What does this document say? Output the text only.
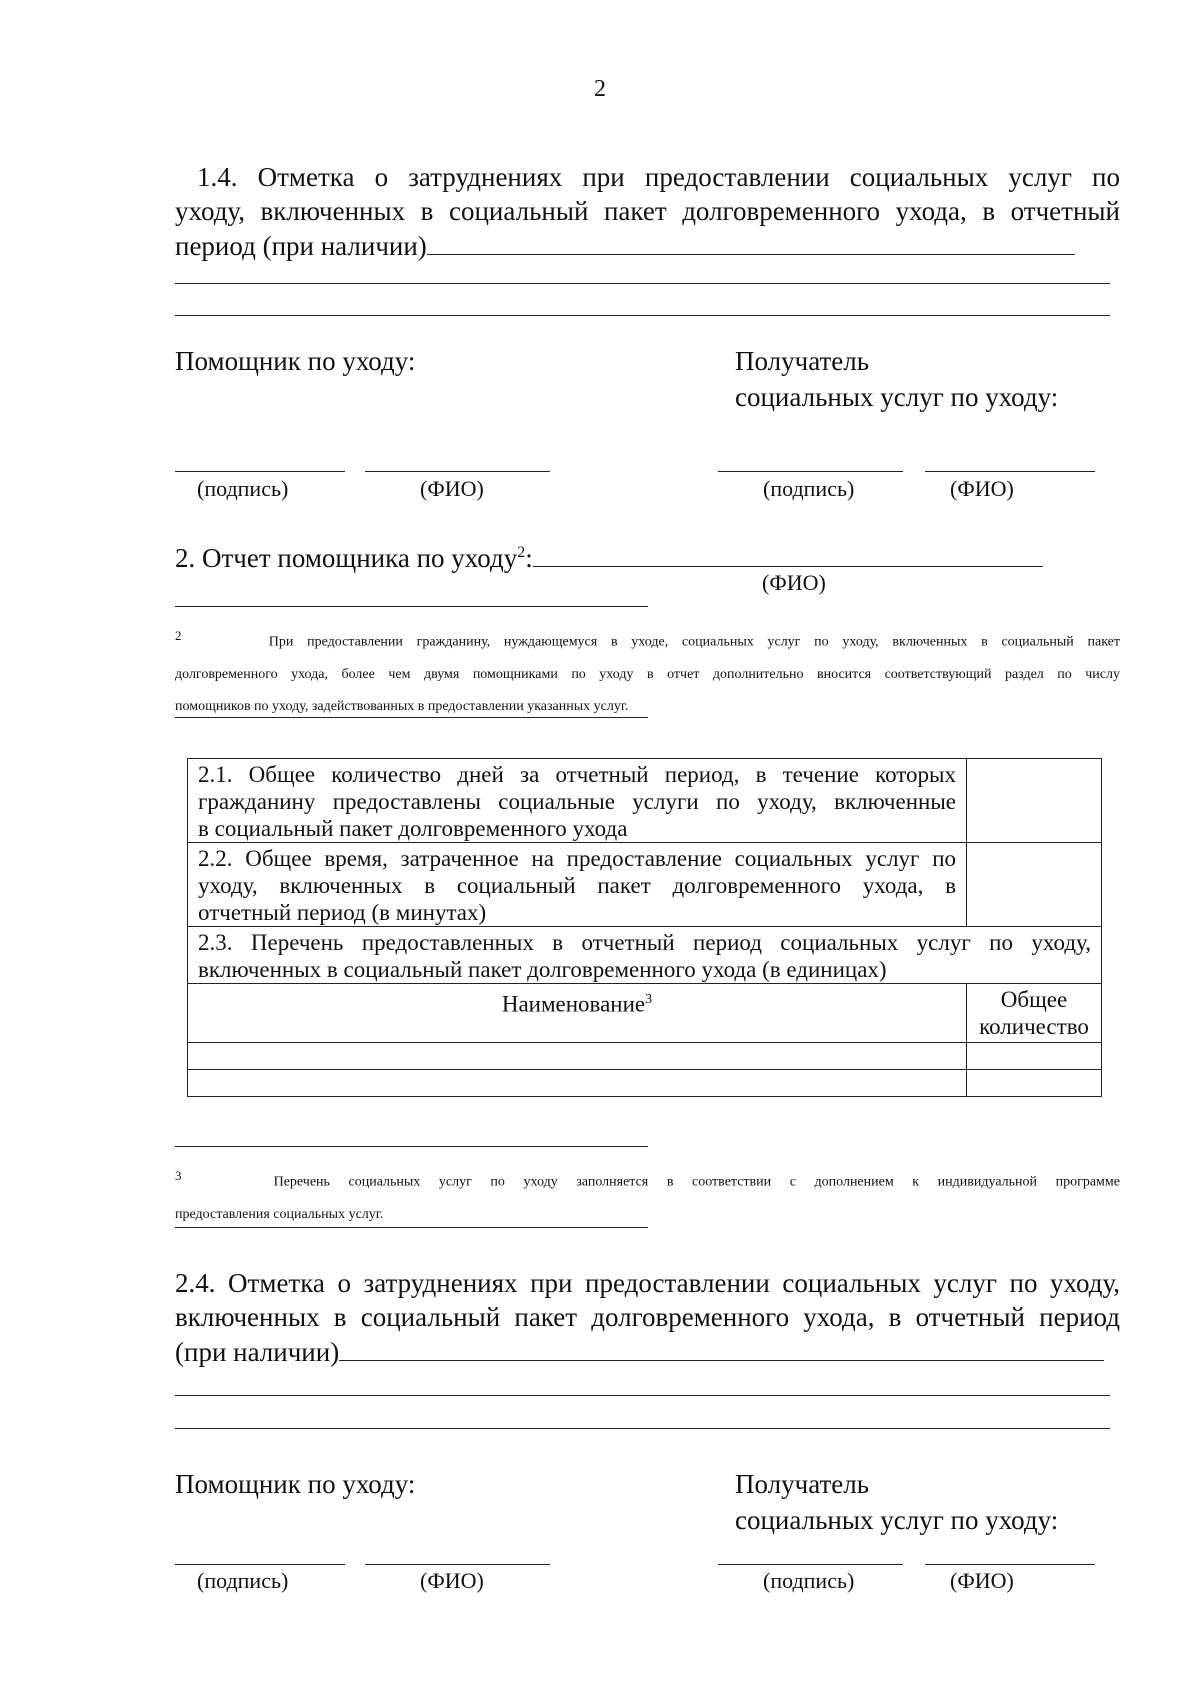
2
1.4. Отметка о затруднениях при предоставлении социальных услуг по
уходу, включенных в социальный пакет долговременного ухода, в отчетный
период (при наличии)
Помощник по уходу:	Получатель
социальных услуг по уходу:
(подпись)	(ФИО)	(подпись)	(ФИО)
2. Отчет помощника по уходу$^2$:
(ФИО)
$^2$	При предоставлении гражданину, нуждающемуся в уходе, социальных услуг по уходу, включенных в социальный пакет
долговременного ухода, более чем двумя помощниками по уходу в отчет дополнительно вносится соответствующий раздел по числу
помощников по уходу, задействованных в предоставлении указанных услуг.
2.1. Общее количество дней за отчетный период, в течение которых
гражданину предоставлены социальные услуги по уходу, включенные
в социальный пакет долговременного ухода	

2.2. Общее время, затраченное на предоставление социальных услуг по
уходу, включенных в социальный пакет долговременного ухода, в
отчетный период (в минутах)	

2.3. Перечень предоставленных в отчетный период социальных услуг по уходу,
включенных в социальный пакет долговременного ухода (в единицах)	

Наименование$^3$	Общее
количество

$^3$	Перечень социальных услуг по уходу заполняется в соответствии с дополнением к индивидуальной программе
предоставления социальных услуг.
2.4. Отметка о затруднениях при предоставлении социальных услуг по уходу,
включенных в социальный пакет долговременного ухода, в отчетный период
(при наличии)
Помощник по уходу:	Получатель
социальных услуг по уходу:
(подпись)	(ФИО)	(подпись)	(ФИО)
